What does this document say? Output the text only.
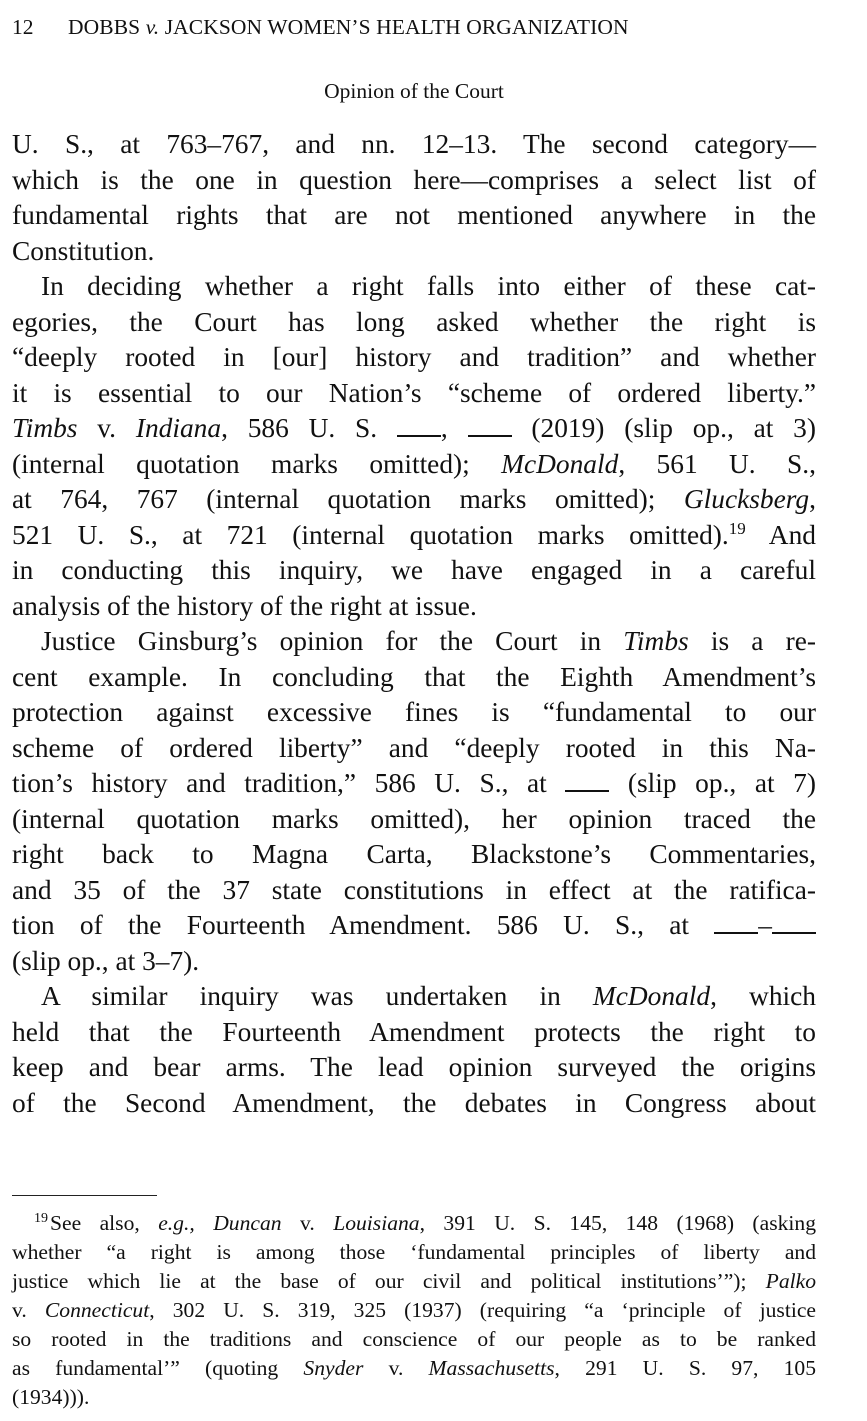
12 DOBBS v. JACKSON WOMEN’S HEALTH ORGANIZATION
Opinion of the Court

U. S., at 763–767, and nn. 12–13. The second category—
which is the one in question here—comprises a select list of
fundamental rights that are not mentioned anywhere in the
Constitution.

In deciding whether a right falls into either of these cat-
egories, the Court has long asked whether the right is
“deeply rooted in [our] history and tradition” and whether
it is essential to our Nation’s “scheme of ordered liberty.”
Timbs v. Indiana, 586 U. S. ,  (2019) (slip op., at 3)
(internal quotation marks omitted); McDonald, 561 U. S.,
at 764, 767 (internal quotation marks omitted); Glucksberg,
521 U. S., at 721 (internal quotation marks omitted).$^{19}$ And
in conducting this inquiry, we have engaged in a careful
analysis of the history of the right at issue.

Justice Ginsburg’s opinion for the Court in Timbs is a re-
cent example. In concluding that the Eighth Amendment’s
protection against excessive fines is “fundamental to our
scheme of ordered liberty” and “deeply rooted in this Na-
tion’s history and tradition,” 586 U. S., at  (slip op., at 7)
(internal quotation marks omitted), her opinion traced the
right back to Magna Carta, Blackstone’s Commentaries,
and 35 of the 37 state constitutions in effect at the ratifica-
tion of the Fourteenth Amendment. 586 U. S., at –
(slip op., at 3–7).

A similar inquiry was undertaken in McDonald, which
held that the Fourteenth Amendment protects the right to
keep and bear arms. The lead opinion surveyed the origins
of the Second Amendment, the debates in Congress about

$^{19}$See also, e.g., Duncan v. Louisiana, 391 U. S. 145, 148 (1968) (asking
whether “a right is among those ‘fundamental principles of liberty and
justice which lie at the base of our civil and political institutions’”); Palko
v. Connecticut, 302 U. S. 319, 325 (1937) (requiring “a ‘principle of justice
so rooted in the traditions and conscience of our people as to be ranked
as fundamental’” (quoting Snyder v. Massachusetts, 291 U. S. 97, 105
(1934))).
